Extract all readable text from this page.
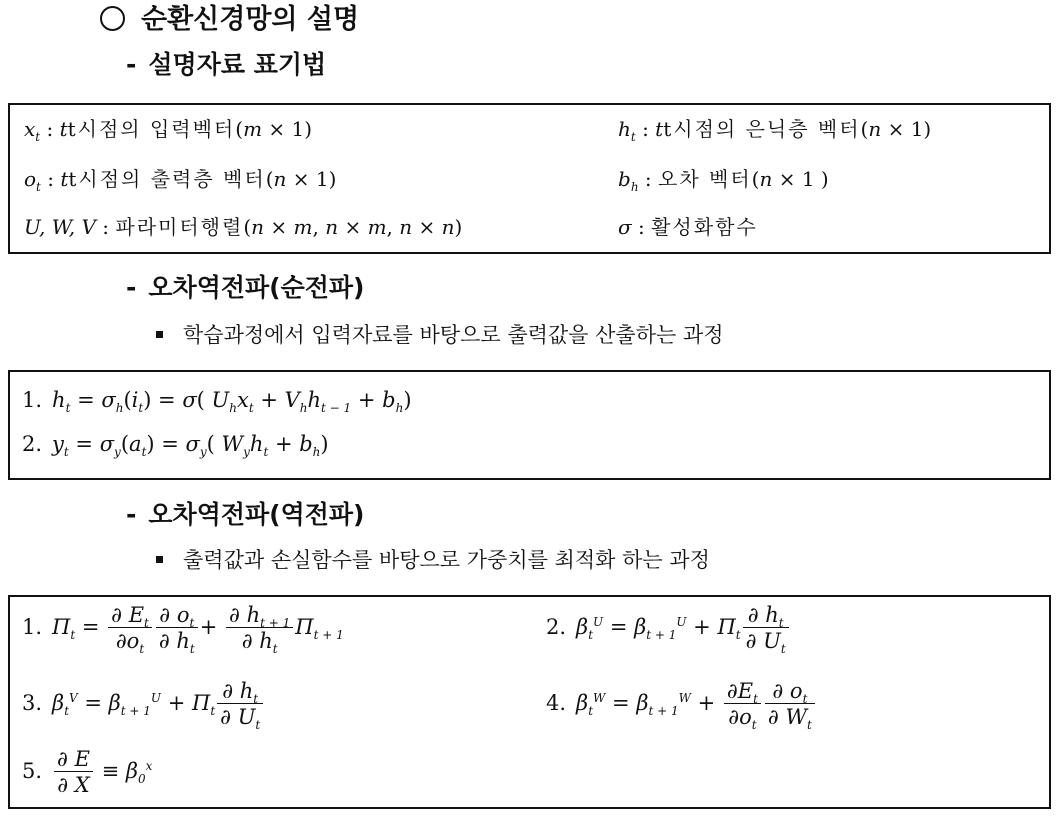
순환신경망의 설명
- 설명자료 표기법
$x_t$ : tt시점의 입력벡터(m × 1)	$h_t$ : tt시점의 은닉층 벡터(n × 1)
$o_t$ : tt시점의 출력층 벡터(n × 1)	$b_h$ : 오차 벡터(n × 1 )
U, W, V : 파라미터행렬(n × m, n × m, n × n)	σ : 활성화함수
- 오차역전파(순전파)
학습과정에서 입력자료를 바탕으로 출력값을 산출하는 과정
1. $h_t = \sigma_h(i_t) = \sigma$( $U_hx_t + V_hh_{t - 1} + b_h$)
2. $y_t = \sigma_y(a_t) = \sigma_y$( $W_yh_t + b_h$)
- 오차역전파(역전파)
출력값과 손실함수를 바탕으로 가중치를 최적화 하는 과정
1. $\Pi_t = \frac{\partial E_t}{\partial o_t} \frac{\partial o_t}{\partial h_t} + \frac{\partial h_{t + 1}}{\partial h_t} \Pi_{t + 1}$	2. $\beta_t^U = \beta_{t + 1}^U + \Pi_t \frac{\partial h_t}{\partial U_t}$
3. $\beta_t^V = \beta_{t + 1}^U + \Pi_t \frac{\partial h_t}{\partial U_t}$	4. $\beta_t^W = \beta_{t + 1}^W + \frac{\partial E_t}{\partial o_t} \frac{\partial o_t}{\partial W_t}$
5. $\frac{\partial E}{\partial X} \equiv \beta_0^x$
